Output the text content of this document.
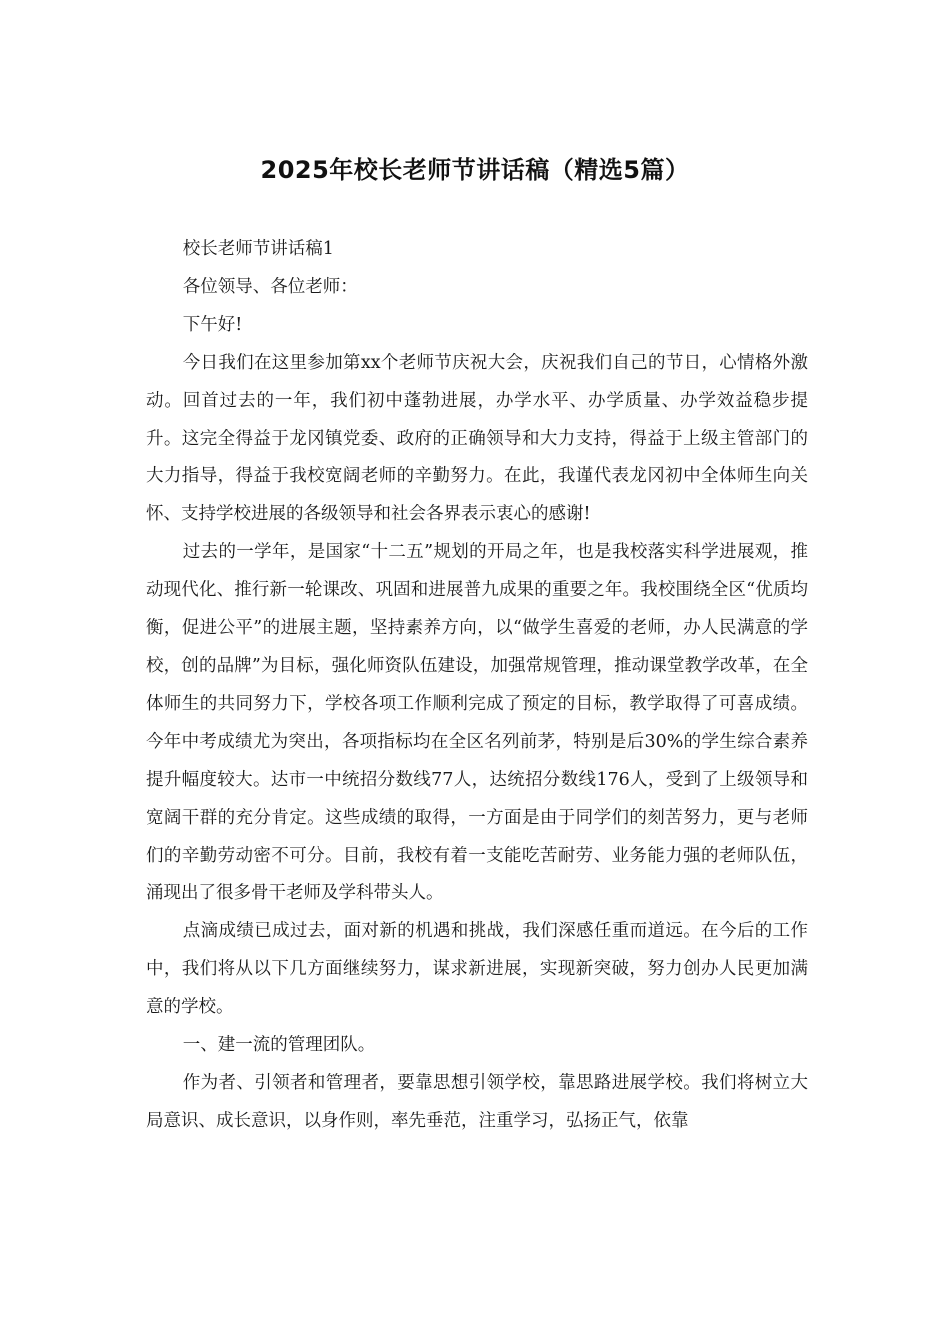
2025年校长老师节讲话稿（精选5篇）

校长老师节讲话稿1

各位领导、各位老师：

下午好!

今日我们在这里参加第xx个老师节庆祝大会，庆祝我们自己的节日，心情格外激动。回首过去的一年，我们初中蓬勃进展，办学水平、办学质量、办学效益稳步提升。这完全得益于龙冈镇党委、政府的正确领导和大力支持，得益于上级主管部门的大力指导，得益于我校宽阔老师的辛勤努力。在此，我谨代表龙冈初中全体师生向关怀、支持学校进展的各级领导和社会各界表示衷心的感谢!

过去的一学年，是国家“十二五”规划的开局之年，也是我校落实科学进展观，推动现代化、推行新一轮课改、巩固和进展普九成果的重要之年。我校围绕全区“优质均衡，促进公平”的进展主题，坚持素养方向，以“做学生喜爱的老师，办人民满意的学校，创的品牌”为目标，强化师资队伍建设，加强常规管理，推动课堂教学改革，在全体师生的共同努力下，学校各项工作顺利完成了预定的目标，教学取得了可喜成绩。今年中考成绩尤为突出，各项指标均在全区名列前茅，特别是后30%的学生综合素养提升幅度较大。达市一中统招分数线77人，达统招分数线176人，受到了上级领导和宽阔干群的充分肯定。这些成绩的取得，一方面是由于同学们的刻苦努力，更与老师们的辛勤劳动密不可分。目前，我校有着一支能吃苦耐劳、业务能力强的老师队伍，涌现出了很多骨干老师及学科带头人。

点滴成绩已成过去，面对新的机遇和挑战，我们深感任重而道远。在今后的工作中，我们将从以下几方面继续努力，谋求新进展，实现新突破，努力创办人民更加满意的学校。

一、建一流的管理团队。

作为者、引领者和管理者，要靠思想引领学校，靠思路进展学校。我们将树立大局意识、成长意识，以身作则，率先垂范，注重学习，弘扬正气，依靠
